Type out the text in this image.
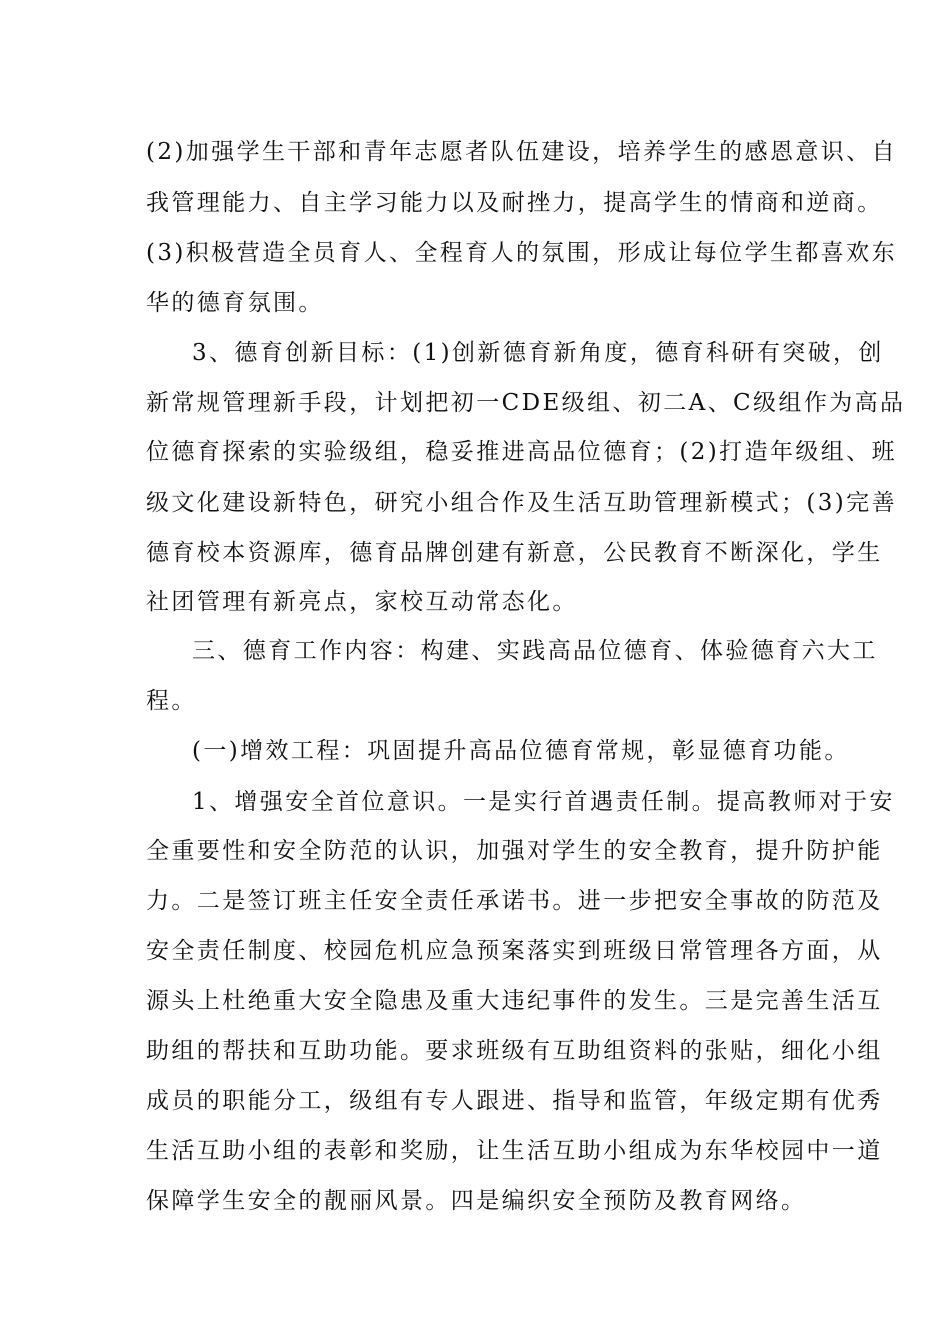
(2)加强学生干部和青年志愿者队伍建设，培养学生的感恩意识、自
我管理能力、自主学习能力以及耐挫力，提高学生的情商和逆商。
(3)积极营造全员育人、全程育人的氛围，形成让每位学生都喜欢东
华的德育氛围。
3、德育创新目标：(1)创新德育新角度，德育科研有突破，创
新常规管理新手段，计划把初一CDE级组、初二A、C级组作为高品
位德育探索的实验级组，稳妥推进高品位德育；(2)打造年级组、班
级文化建设新特色，研究小组合作及生活互助管理新模式；(3)完善
德育校本资源库，德育品牌创建有新意，公民教育不断深化，学生
社团管理有新亮点，家校互动常态化。
三、德育工作内容：构建、实践高品位德育、体验德育六大工
程。
(一)增效工程：巩固提升高品位德育常规，彰显德育功能。
1、增强安全首位意识。一是实行首遇责任制。提高教师对于安
全重要性和安全防范的认识，加强对学生的安全教育，提升防护能
力。二是签订班主任安全责任承诺书。进一步把安全事故的防范及
安全责任制度、校园危机应急预案落实到班级日常管理各方面，从
源头上杜绝重大安全隐患及重大违纪事件的发生。三是完善生活互
助组的帮扶和互助功能。要求班级有互助组资料的张贴，细化小组
成员的职能分工，级组有专人跟进、指导和监管，年级定期有优秀
生活互助小组的表彰和奖励，让生活互助小组成为东华校园中一道
保障学生安全的靓丽风景。四是编织安全预防及教育网络。
